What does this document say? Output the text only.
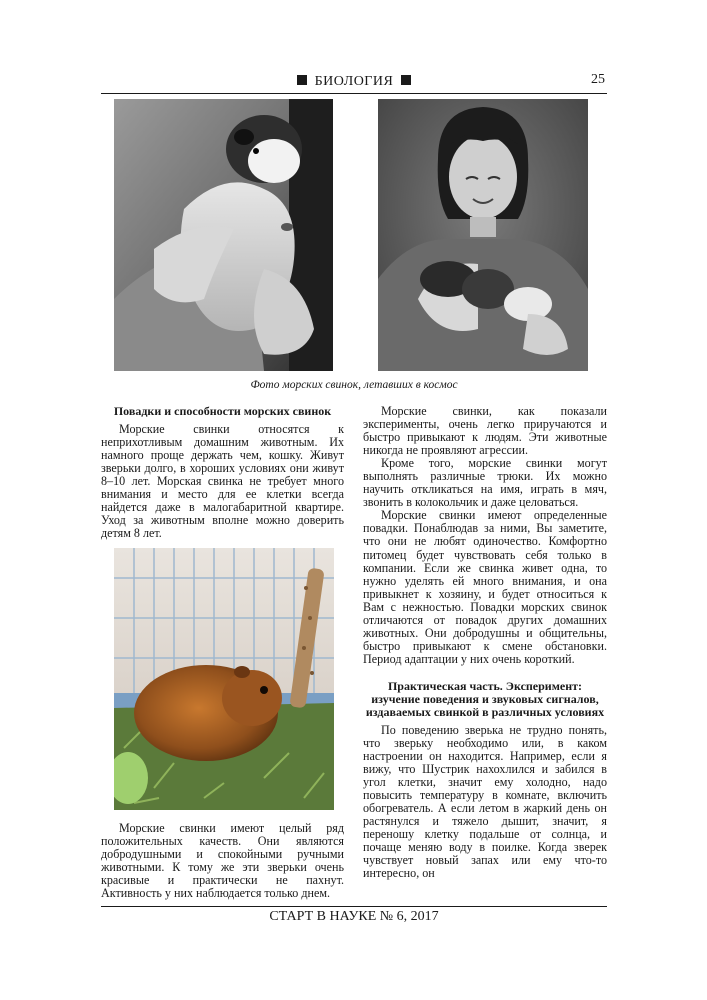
БИОЛОГИЯ	25
Фото морских свинок, летавших в космос
Повадки и способности морских свинок

Морские свинки относятся к неприхотливым домашним животным. Их намного проще держать чем, кошку. Живут зверьки долго, в хороших условиях они живут 8–10 лет. Морская свинка не требует много внимания и место для ее клетки всегда найдется даже в малогабаритной квартире. Уход за животным вполне можно доверить детям 8 лет.

Морские свинки имеют целый ряд положительных качеств. Они являются добродушными и спокойными ручными животными. К тому же эти зверьки очень красивые и практически не пахнут. Активность у них наблюдается только днем.

Морские свинки, как показали эксперименты, очень легко приручаются и быстро привыкают к людям. Эти животные никогда не проявляют агрессии.

Кроме того, морские свинки могут выполнять различные трюки. Их можно научить откликаться на имя, играть в мяч, звонить в колокольчик и даже целоваться.

Морские свинки имеют определенные повадки. Понаблюдав за ними, Вы заметите, что они не любят одиночество. Комфортно питомец будет чувствовать себя только в компании. Если же свинка живет одна, то нужно уделять ей много внимания, и она привыкнет к хозяину, и будет относиться к Вам с нежностью. Повадки морских свинок отличаются от повадок других домашних животных. Они добродушны и общительны, быстро привыкают к смене обстановки. Период адаптации у них очень короткий.

Практическая часть. Эксперимент: изучение поведения и звуковых сигналов, издаваемых свинкой в различных условиях

По поведению зверька не трудно понять, что зверьку необходимо или, в каком настроении он находится. Например, если я вижу, что Шустрик нахохлился и забился в угол клетки, значит ему холодно, надо повысить температуру в комнате, включить обогреватель. А если летом в жаркий день он растянулся и тяжело дышит, значит, я переношу клетку подальше от солнца, и почаще меняю воду в поилке. Когда зверек чувствует новый запах или ему что-то интересно, он

СТАРТ В НАУКЕ № 6, 2017
